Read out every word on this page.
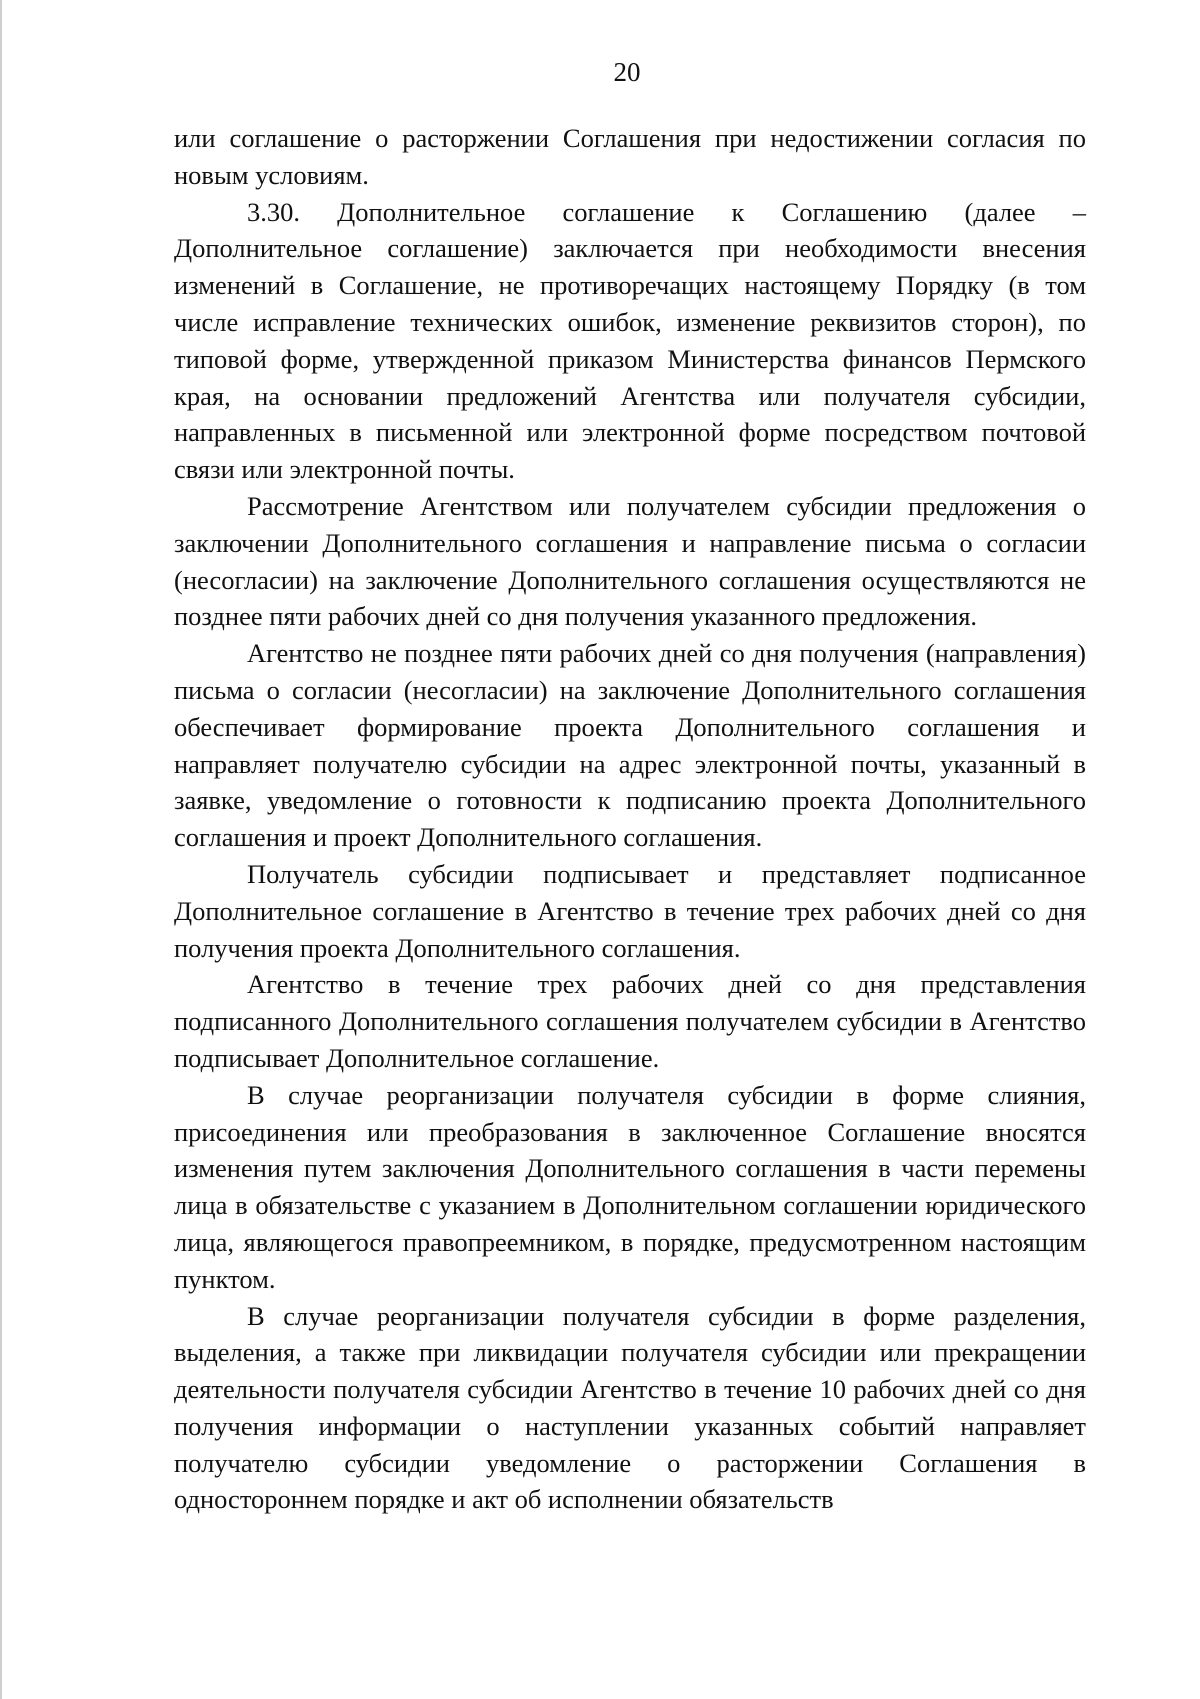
20

или соглашение о расторжении Соглашения при недостижении согласия по новым условиям.

3.30. Дополнительное соглашение к Соглашению (далее – Дополнительное соглашение) заключается при необходимости внесения изменений в Соглашение, не противоречащих настоящему Порядку (в том числе исправление технических ошибок, изменение реквизитов сторон), по типовой форме, утвержденной приказом Министерства финансов Пермского края, на основании предложений Агентства или получателя субсидии, направленных в письменной или электронной форме посредством почтовой связи или электронной почты.

Рассмотрение Агентством или получателем субсидии предложения о заключении Дополнительного соглашения и направление письма о согласии (несогласии) на заключение Дополнительного соглашения осуществляются не позднее пяти рабочих дней со дня получения указанного предложения.

Агентство не позднее пяти рабочих дней со дня получения (направления) письма о согласии (несогласии) на заключение Дополнительного соглашения обеспечивает формирование проекта Дополнительного соглашения и направляет получателю субсидии на адрес электронной почты, указанный в заявке, уведомление о готовности к подписанию проекта Дополнительного соглашения и проект Дополнительного соглашения.

Получатель субсидии подписывает и представляет подписанное Дополнительное соглашение в Агентство в течение трех рабочих дней со дня получения проекта Дополнительного соглашения.

Агентство в течение трех рабочих дней со дня представления подписанного Дополнительного соглашения получателем субсидии в Агентство подписывает Дополнительное соглашение.

В случае реорганизации получателя субсидии в форме слияния, присоединения или преобразования в заключенное Соглашение вносятся изменения путем заключения Дополнительного соглашения в части перемены лица в обязательстве с указанием в Дополнительном соглашении юридического лица, являющегося правопреемником, в порядке, предусмотренном настоящим пунктом.

В случае реорганизации получателя субсидии в форме разделения, выделения, а также при ликвидации получателя субсидии или прекращении деятельности получателя субсидии Агентство в течение 10 рабочих дней со дня получения информации о наступлении указанных событий направляет получателю субсидии уведомление о расторжении Соглашения в одностороннем порядке и акт об исполнении обязательств
